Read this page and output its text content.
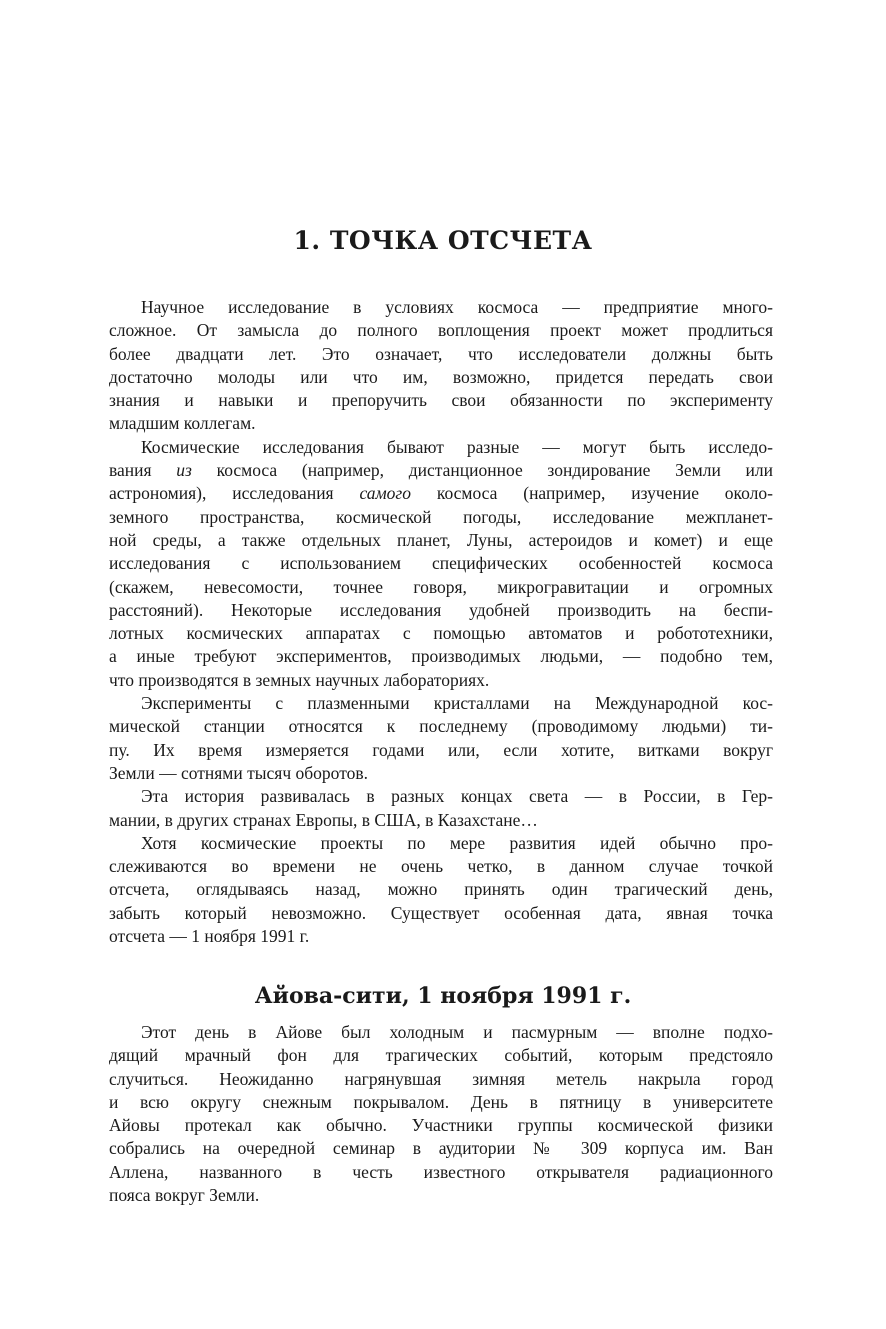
1. ТОЧКА ОТСЧЕТА
Научное исследование в условиях космоса — предприятие много-
сложное. От замысла до полного воплощения проект может продлиться
более двадцати лет. Это означает, что исследователи должны быть
достаточно молоды или что им, возможно, придется передать свои
знания и навыки и препоручить свои обязанности по эксперименту
младшим коллегам.
Космические исследования бывают разные — могут быть исследо-
вания из космоса (например, дистанционное зондирование Земли или
астрономия), исследования самого космоса (например, изучение около-
земного пространства, космической погоды, исследование межпланет-
ной среды, а также отдельных планет, Луны, астероидов и комет) и еще
исследования с использованием специфических особенностей космоса
(скажем, невесомости, точнее говоря, микрогравитации и огромных
расстояний). Некоторые исследования удобней производить на беспи-
лотных космических аппаратах с помощью автоматов и робототехники,
а иные требуют экспериментов, производимых людьми, — подобно тем,
что производятся в земных научных лабораториях.
Эксперименты с плазменными кристаллами на Международной кос-
мической станции относятся к последнему (проводимому людьми) ти-
пу. Их время измеряется годами или, если хотите, витками вокруг
Земли — сотнями тысяч оборотов.
Эта история развивалась в разных концах света — в России, в Гер-
мании, в других странах Европы, в США, в Казахстане…
Хотя космические проекты по мере развития идей обычно про-
слеживаются во времени не очень четко, в данном случае точкой
отсчета, оглядываясь назад, можно принять один трагический день,
забыть который невозможно. Существует особенная дата, явная точка
отсчета — 1 ноября 1991 г.
Айова-сити, 1 ноября 1991 г.
Этот день в Айове был холодным и пасмурным — вполне подхо-
дящий мрачный фон для трагических событий, которым предстояло
случиться. Неожиданно нагрянувшая зимняя метель накрыла город
и всю округу снежным покрывалом. День в пятницу в университете
Айовы протекал как обычно. Участники группы космической физики
собрались на очередной семинар в аудитории № 309 корпуса им. Ван
Аллена, названного в честь известного открывателя радиационного
пояса вокруг Земли.
